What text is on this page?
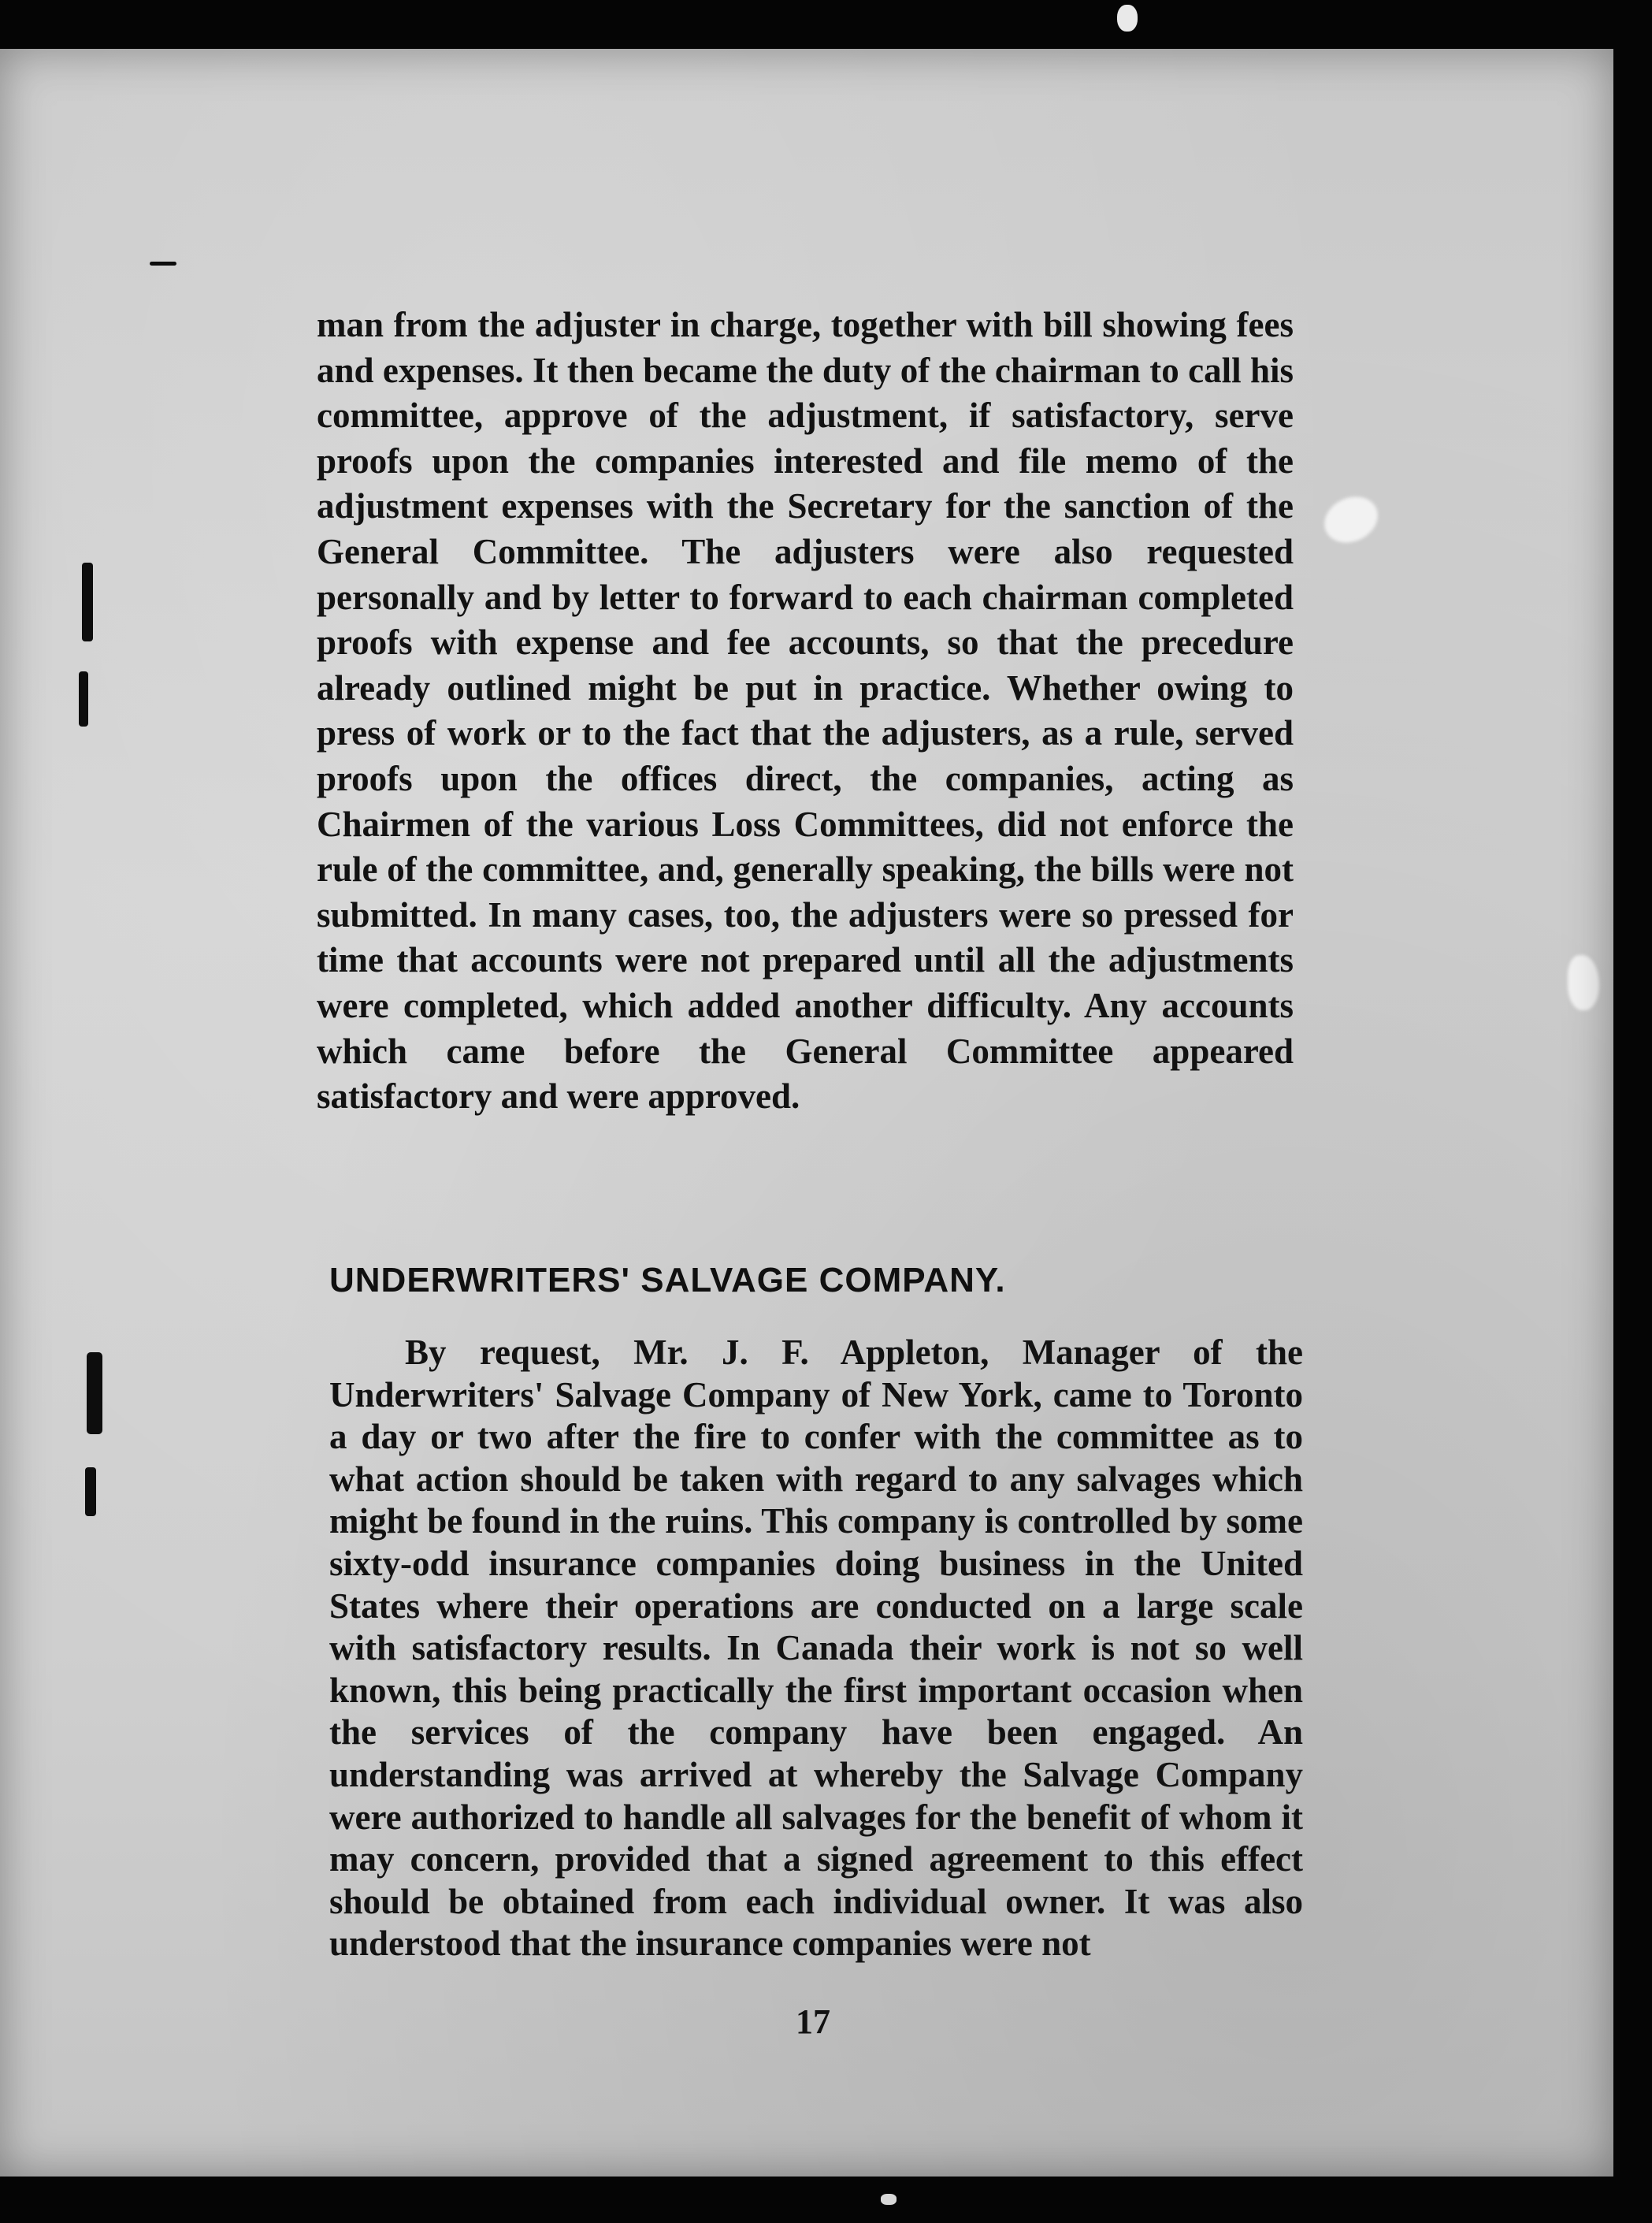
man from the adjuster in charge, together with bill showing fees and expenses. It then became the duty of the chairman to call his committee, approve of the adjustment, if satisfactory, serve proofs upon the companies interested and file memo of the adjustment expenses with the Secretary for the sanction of the General Committee. The adjusters were also requested personally and by letter to forward to each chairman completed proofs with expense and fee accounts, so that the precedure already outlined might be put in practice. Whether owing to press of work or to the fact that the adjusters, as a rule, served proofs upon the offices direct, the companies, acting as Chairmen of the various Loss Committees, did not enforce the rule of the committee, and, generally speaking, the bills were not submitted. In many cases, too, the adjusters were so pressed for time that accounts were not prepared until all the adjustments were completed, which added another difficulty. Any accounts which came before the General Committee appeared satisfactory and were approved.

UNDERWRITERS' SALVAGE COMPANY.

By request, Mr. J. F. Appleton, Manager of the Underwriters' Salvage Company of New York, came to Toronto a day or two after the fire to confer with the committee as to what action should be taken with regard to any salvages which might be found in the ruins. This company is controlled by some sixty-odd insurance companies doing business in the United States where their operations are conducted on a large scale with satisfactory results. In Canada their work is not so well known, this being practically the first important occasion when the services of the company have been engaged. An understanding was arrived at whereby the Salvage Company were authorized to handle all salvages for the benefit of whom it may concern, provided that a signed agreement to this effect should be obtained from each individual owner. It was also understood that the insurance companies were not

17
